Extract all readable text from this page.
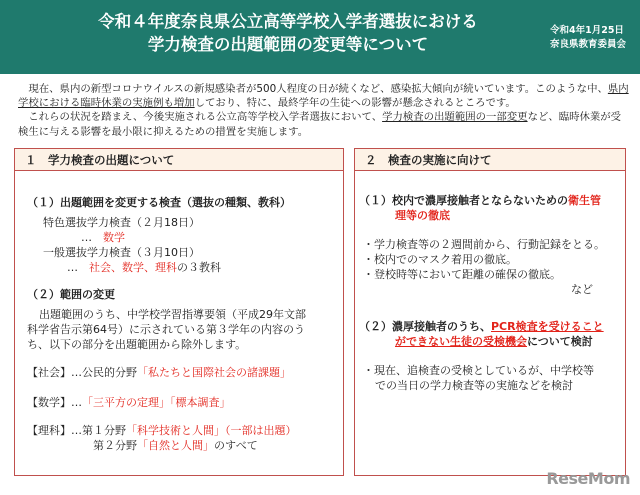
令和４年度奈良県公立高等学校入学者選抜における
学力検査の出題範囲の変更等について
令和4年1月25日
奈良県教育委員会

現在、県内の新型コロナウイルスの新規感染者が500人程度の日が続くなど、感染拡大傾向が続いています。このような中、県内学校における臨時休業の実施例も増加しており、特に、最終学年の生徒への影響が懸念されるところです。

これらの状況を踏まえ、今後実施される公立高等学校入学者選抜において、学力検査の出題範囲の一部変更など、臨時休業が受検生に与える影響を最小限に抑えるための措置を実施します。

１　学力検査の出題について
（１）出題範囲を変更する検査（選抜の種類、教科）
特色選抜学力検査（２月18日）
…　 数学
一般選抜学力検査（３月10日）
…　 社会、数学、理科の３教科
（２）範囲の変更
出題範囲のうち、中学校学習指導要領（平成29年文部
科学省告示第64号）に示されている第３学年の内容のう
ち、以下の部分を出題範囲から除外します。
【社会】…公民的分野「私たちと国際社会の諸課題」
【数学】…「三平方の定理」「標本調査」
【理科】…第１分野「科学技術と人間」（一部は出題）
第２分野「自然と人間」のすべて
２　検査の実施に向けて
（１）校内で濃厚接触者とならないための衛生管
理等の徹底
・学力検査等の２週間前から、行動記録をとる。
・校内でのマスク着用の徹底。
・登校時等において距離の確保の徹底。
など
（２）濃厚接触者のうち、PCR検査を受けること
ができない生徒の受検機会について検討
・現在、追検査の受検としているが、中学校等
での当日の学力検査等の実施などを検討
ReseMom
